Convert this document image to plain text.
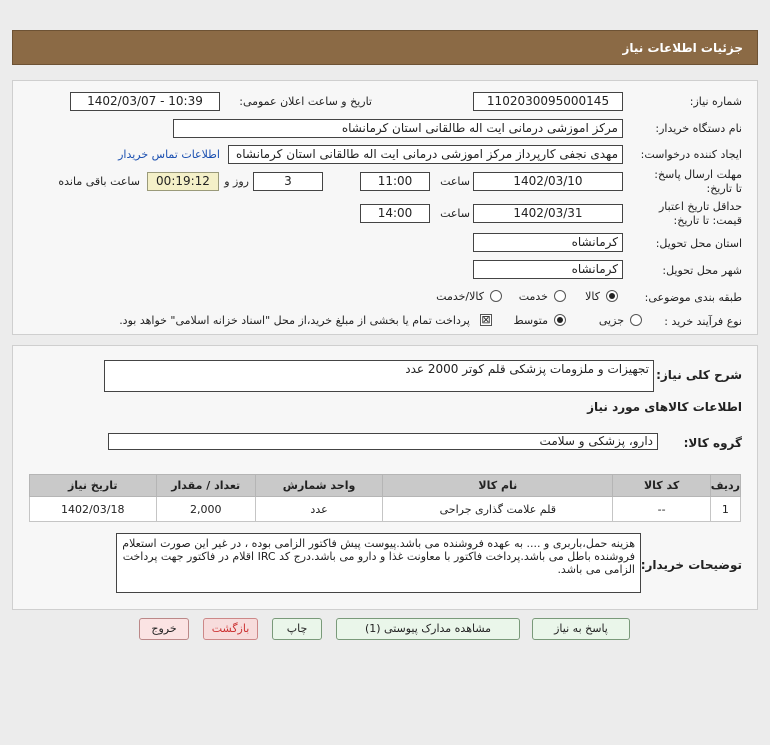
جزئیات اطلاعات نیاز
شماره نیاز:
1102030095000145
تاریخ و ساعت اعلان عمومی:
1402/03/07 - 10:39
نام دستگاه خریدار:
مرکز اموزشی درمانی ایت اله طالقانی استان کرمانشاه
ایجاد کننده درخواست:
مهدی نجفی کارپرداز مرکز اموزشی درمانی ایت اله طالقانی استان کرمانشاه
اطلاعات تماس خریدار
مهلت ارسال پاسخ: تا تاریخ:
1402/03/10
ساعت
11:00
3
روز و
00:19:12
ساعت باقی مانده
حداقل تاریخ اعتبار قیمت: تا تاریخ:
1402/03/31
ساعت
14:00
استان محل تحویل:
کرمانشاه
شهر محل تحویل:
کرمانشاه
طبقه بندی موضوعی:
کالا
خدمت
کالا/خدمت
نوع فرآیند خرید :
جزیی
متوسط
⊠
پرداخت تمام یا بخشی از مبلغ خرید،از محل "اسناد خزانه اسلامی" خواهد بود.
شرح کلی نیاز:
تجهیزات و ملزومات پزشکی قلم کوتر 2000 عدد
اطلاعات کالاهای مورد نیاز
گروه کالا:
دارو، پزشکی و سلامت
ردیف	کد کالا	نام کالا	واحد شمارش	تعداد / مقدار	تاریخ نیاز
1	--	قلم علامت گذاری جراحی	عدد	2,000	1402/03/18
توضیحات خریدار:
هزینه حمل،باربری و .... به عهده فروشنده می باشد.پیوست پیش فاکتور الزامی بوده ، در غیر این صورت استعلام فروشنده باطل می باشد.پرداخت فاکتور با معاونت غذا و دارو می باشد.درج کد IRC اقلام در فاکتور جهت پرداخت الزامی می باشد.
پاسخ به نیاز
مشاهده مدارک پیوستی (1)
چاپ
بازگشت
خروج
